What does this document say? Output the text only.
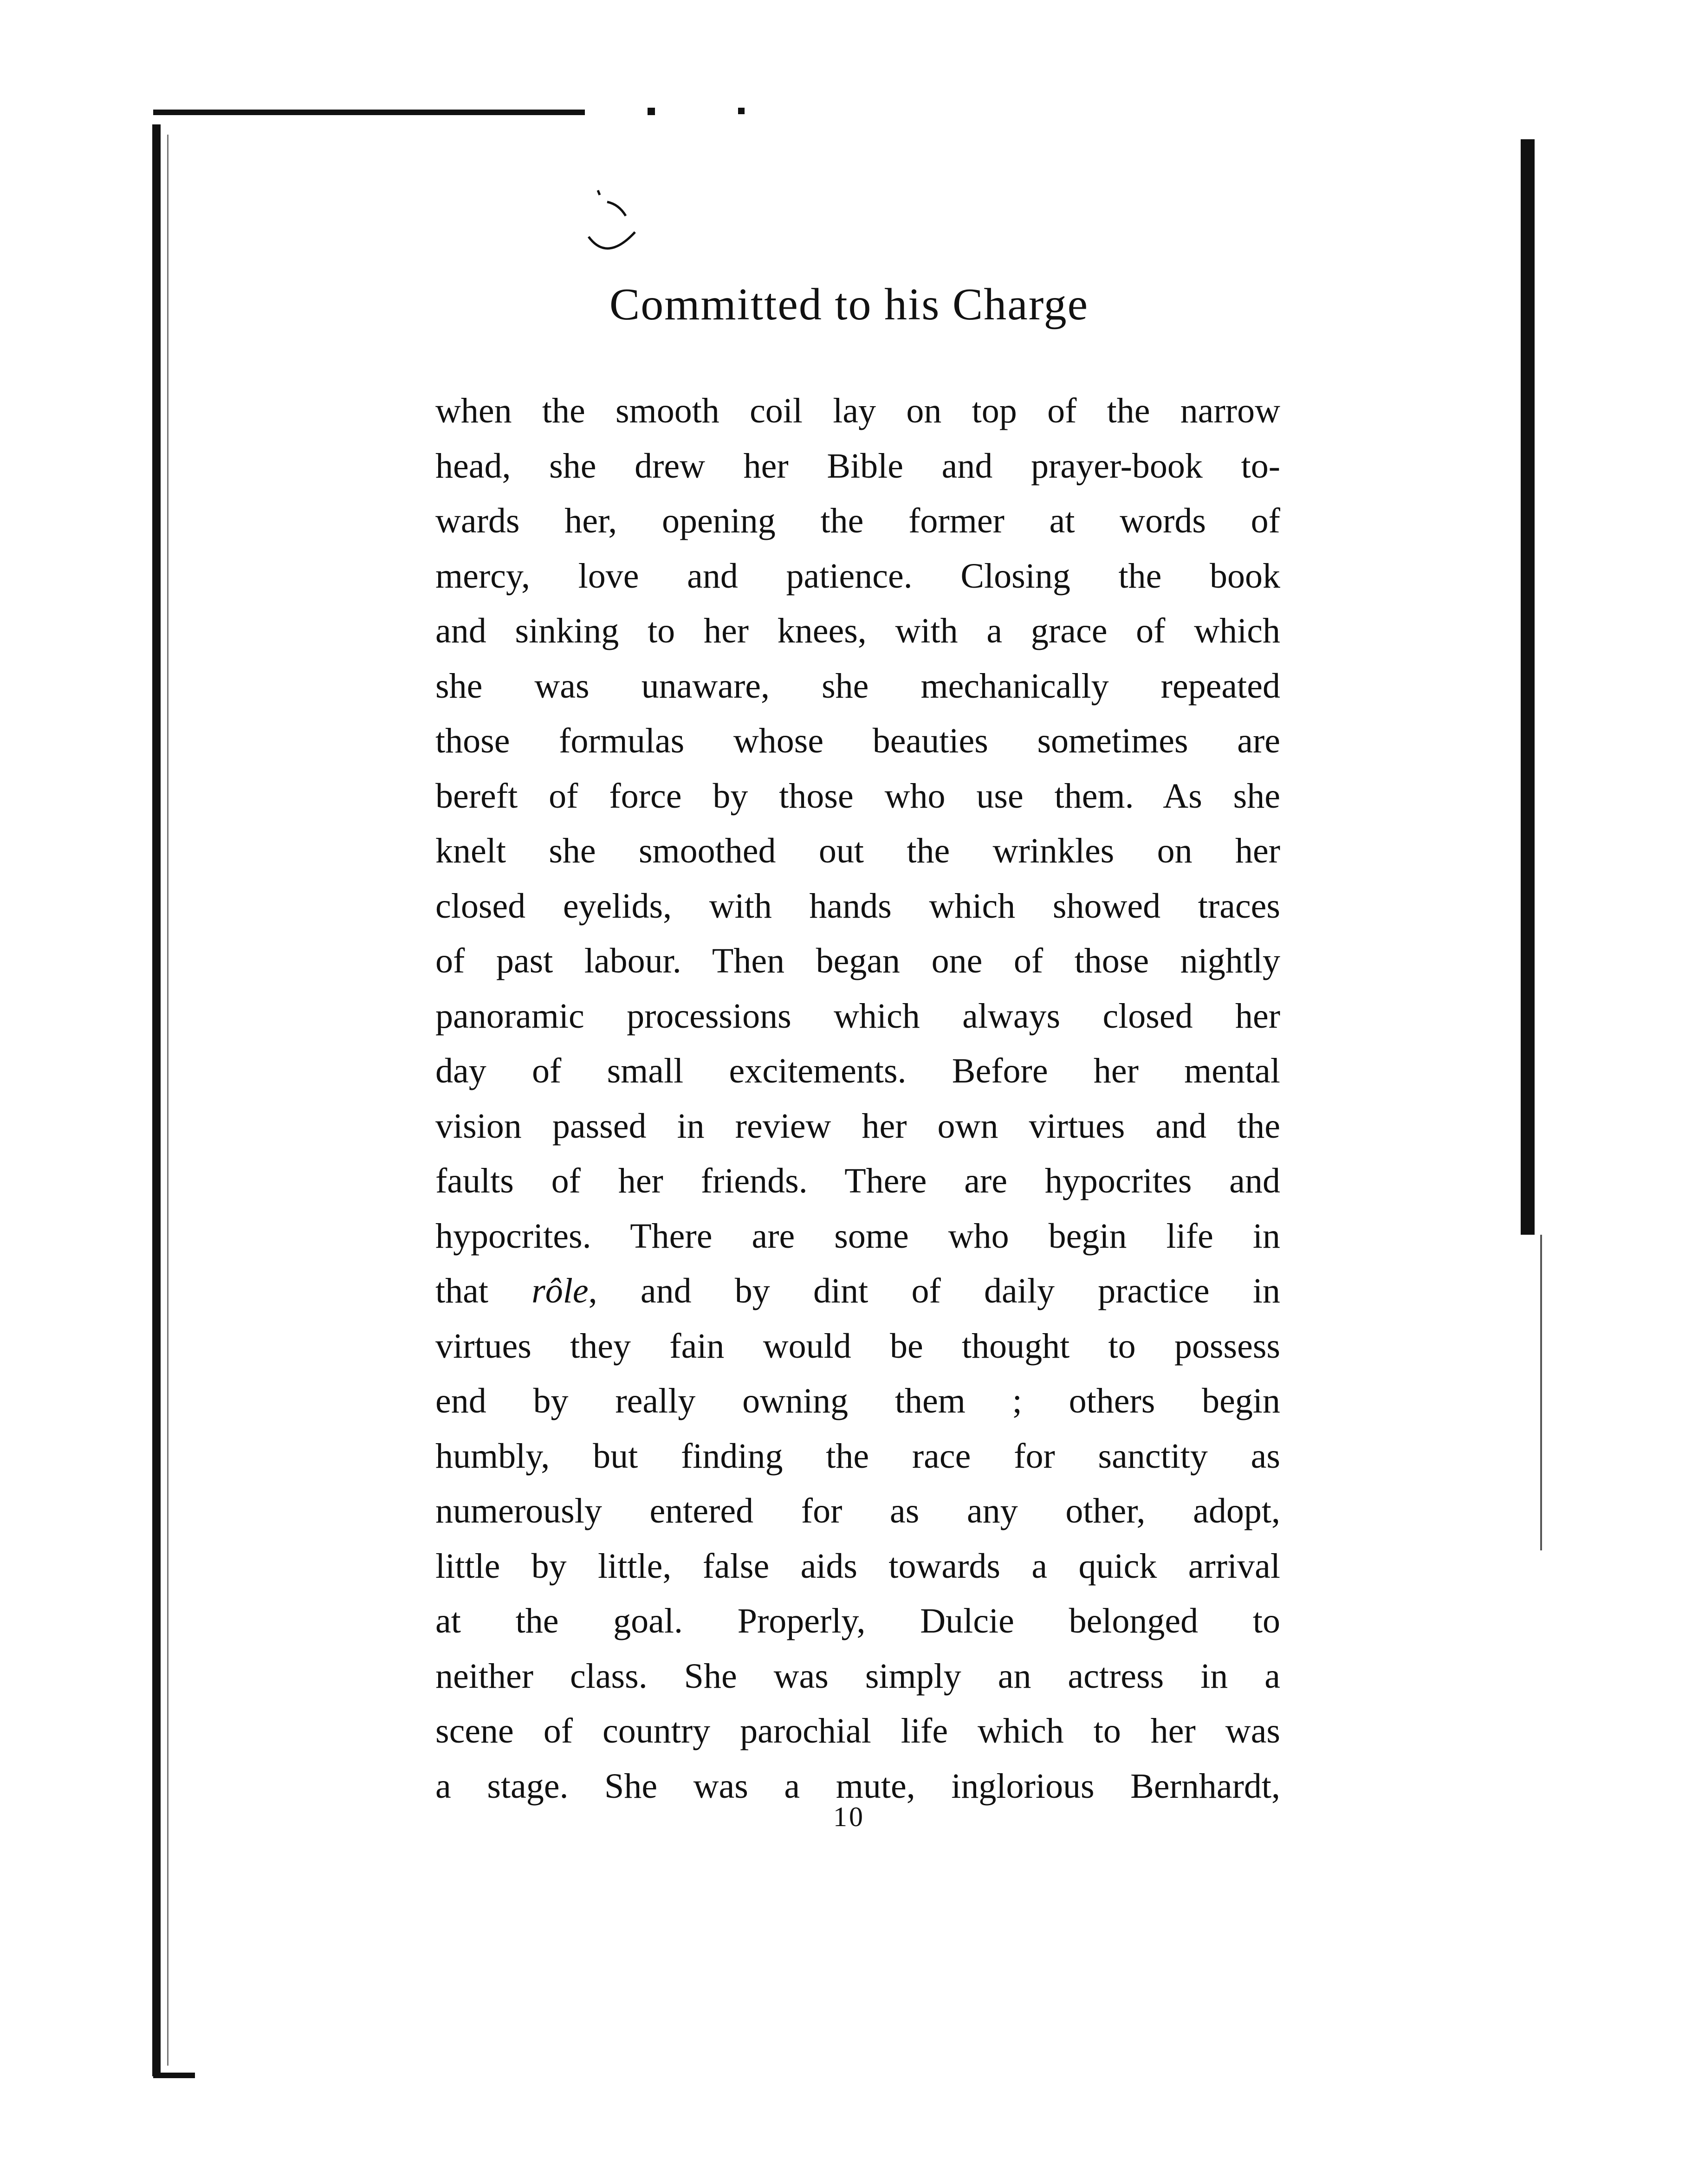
Committed to his Charge
when the smooth coil lay on top of the narrow
head, she drew her Bible and prayer-book to-
wards her, opening the former at words of
mercy, love and patience. Closing the book
and sinking to her knees, with a grace of which
she was unaware, she mechanically repeated
those formulas whose beauties sometimes are
bereft of force by those who use them. As she
knelt she smoothed out the wrinkles on her
closed eyelids, with hands which showed traces
of past labour. Then began one of those nightly
panoramic processions which always closed her
day of small excitements. Before her mental
vision passed in review her own virtues and the
faults of her friends. There are hypocrites and
hypocrites. There are some who begin life in
that rôle, and by dint of daily practice in
virtues they fain would be thought to possess
end by really owning them ; others begin
humbly, but finding the race for sanctity as
numerously entered for as any other, adopt,
little by little, false aids towards a quick arrival
at the goal. Properly, Dulcie belonged to
neither class. She was simply an actress in a
scene of country parochial life which to her was
a stage. She was a mute, inglorious Bernhardt,
10
